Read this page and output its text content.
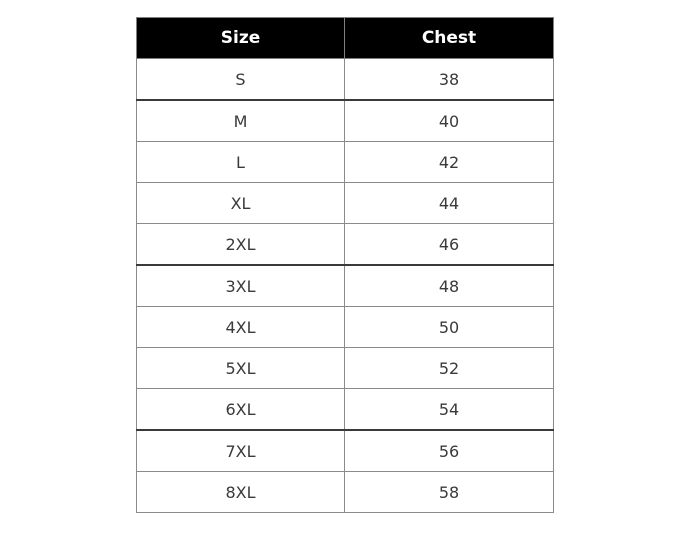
Size	Chest
S	38
M	40
L	42
XL	44
2XL	46
3XL	48
4XL	50
5XL	52
6XL	54
7XL	56
8XL	58
